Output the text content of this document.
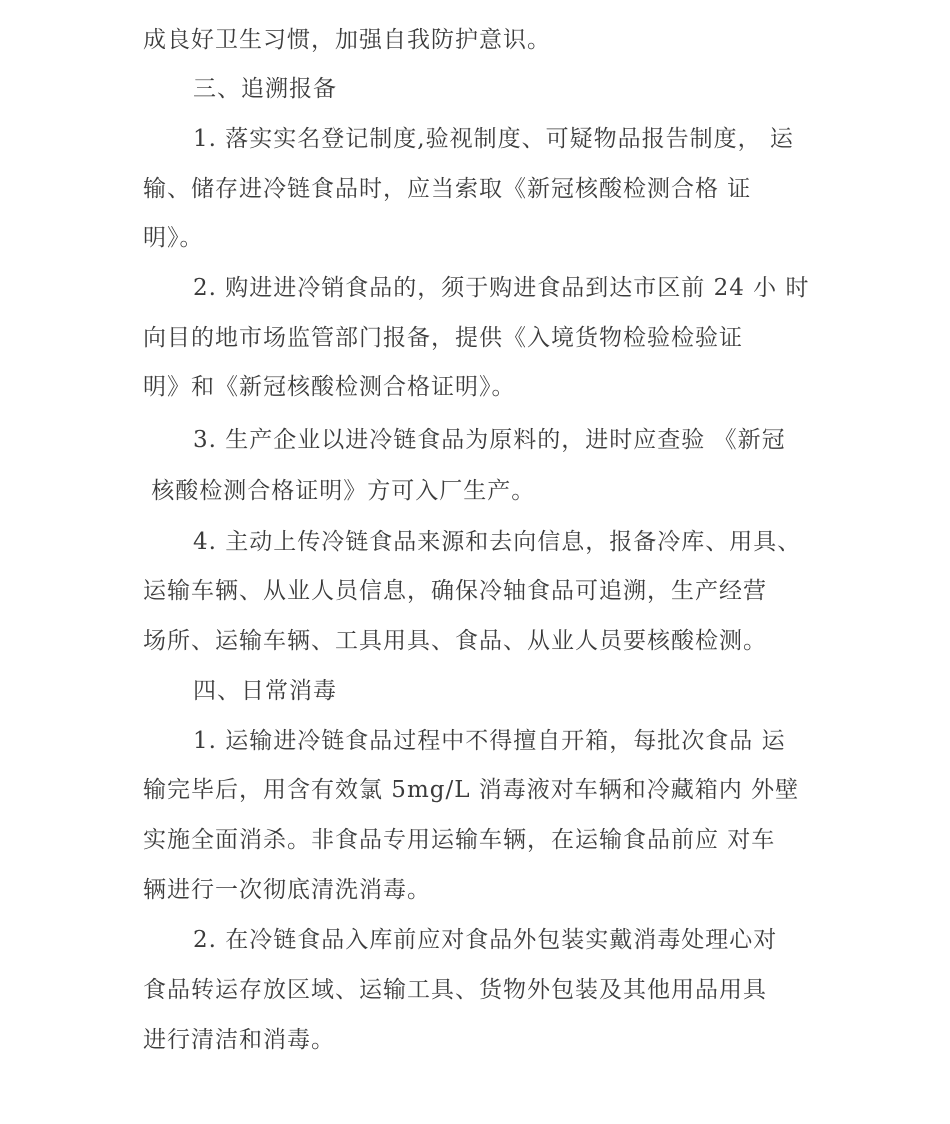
成良好卫生习惯，加强自我防护意识。
三、追溯报备
1. 落实实名登记制度,验视制度、可疑物品报告制度， 运
输、储存进冷链食品时，应当索取《新冠核酸检测合格 证
明》。
2. 购进进冷销食品的，须于购进食品到达市区前 24 小 时
向目的地市场监管部门报备，提供《入境货物检验检验证
明》和《新冠核酸检测合格证明》。
3. 生产企业以进冷链食品为原料的，进时应查验 《新冠
核酸检测合格证明》方可入厂生产。
4. 主动上传冷链食品来源和去向信息，报备冷库、用具、
运输车辆、从业人员信息，确保冷轴食品可追溯，生产经营
场所、运输车辆、工具用具、食品、从业人员要核酸检测。
四、日常消毒
1. 运输进冷链食品过程中不得擅自开箱，每批次食品 运
输完毕后，用含有效氯 5mg/L 消毒液对车辆和冷藏箱内 外壁
实施全面消杀。非食品专用运输车辆，在运输食品前应 对车
辆进行一次彻底清洗消毒。
2. 在冷链食品入库前应对食品外包装实戴消毒处理心对
食品转运存放区域、运输工具、货物外包装及其他用品用具
进行清洁和消毒。
